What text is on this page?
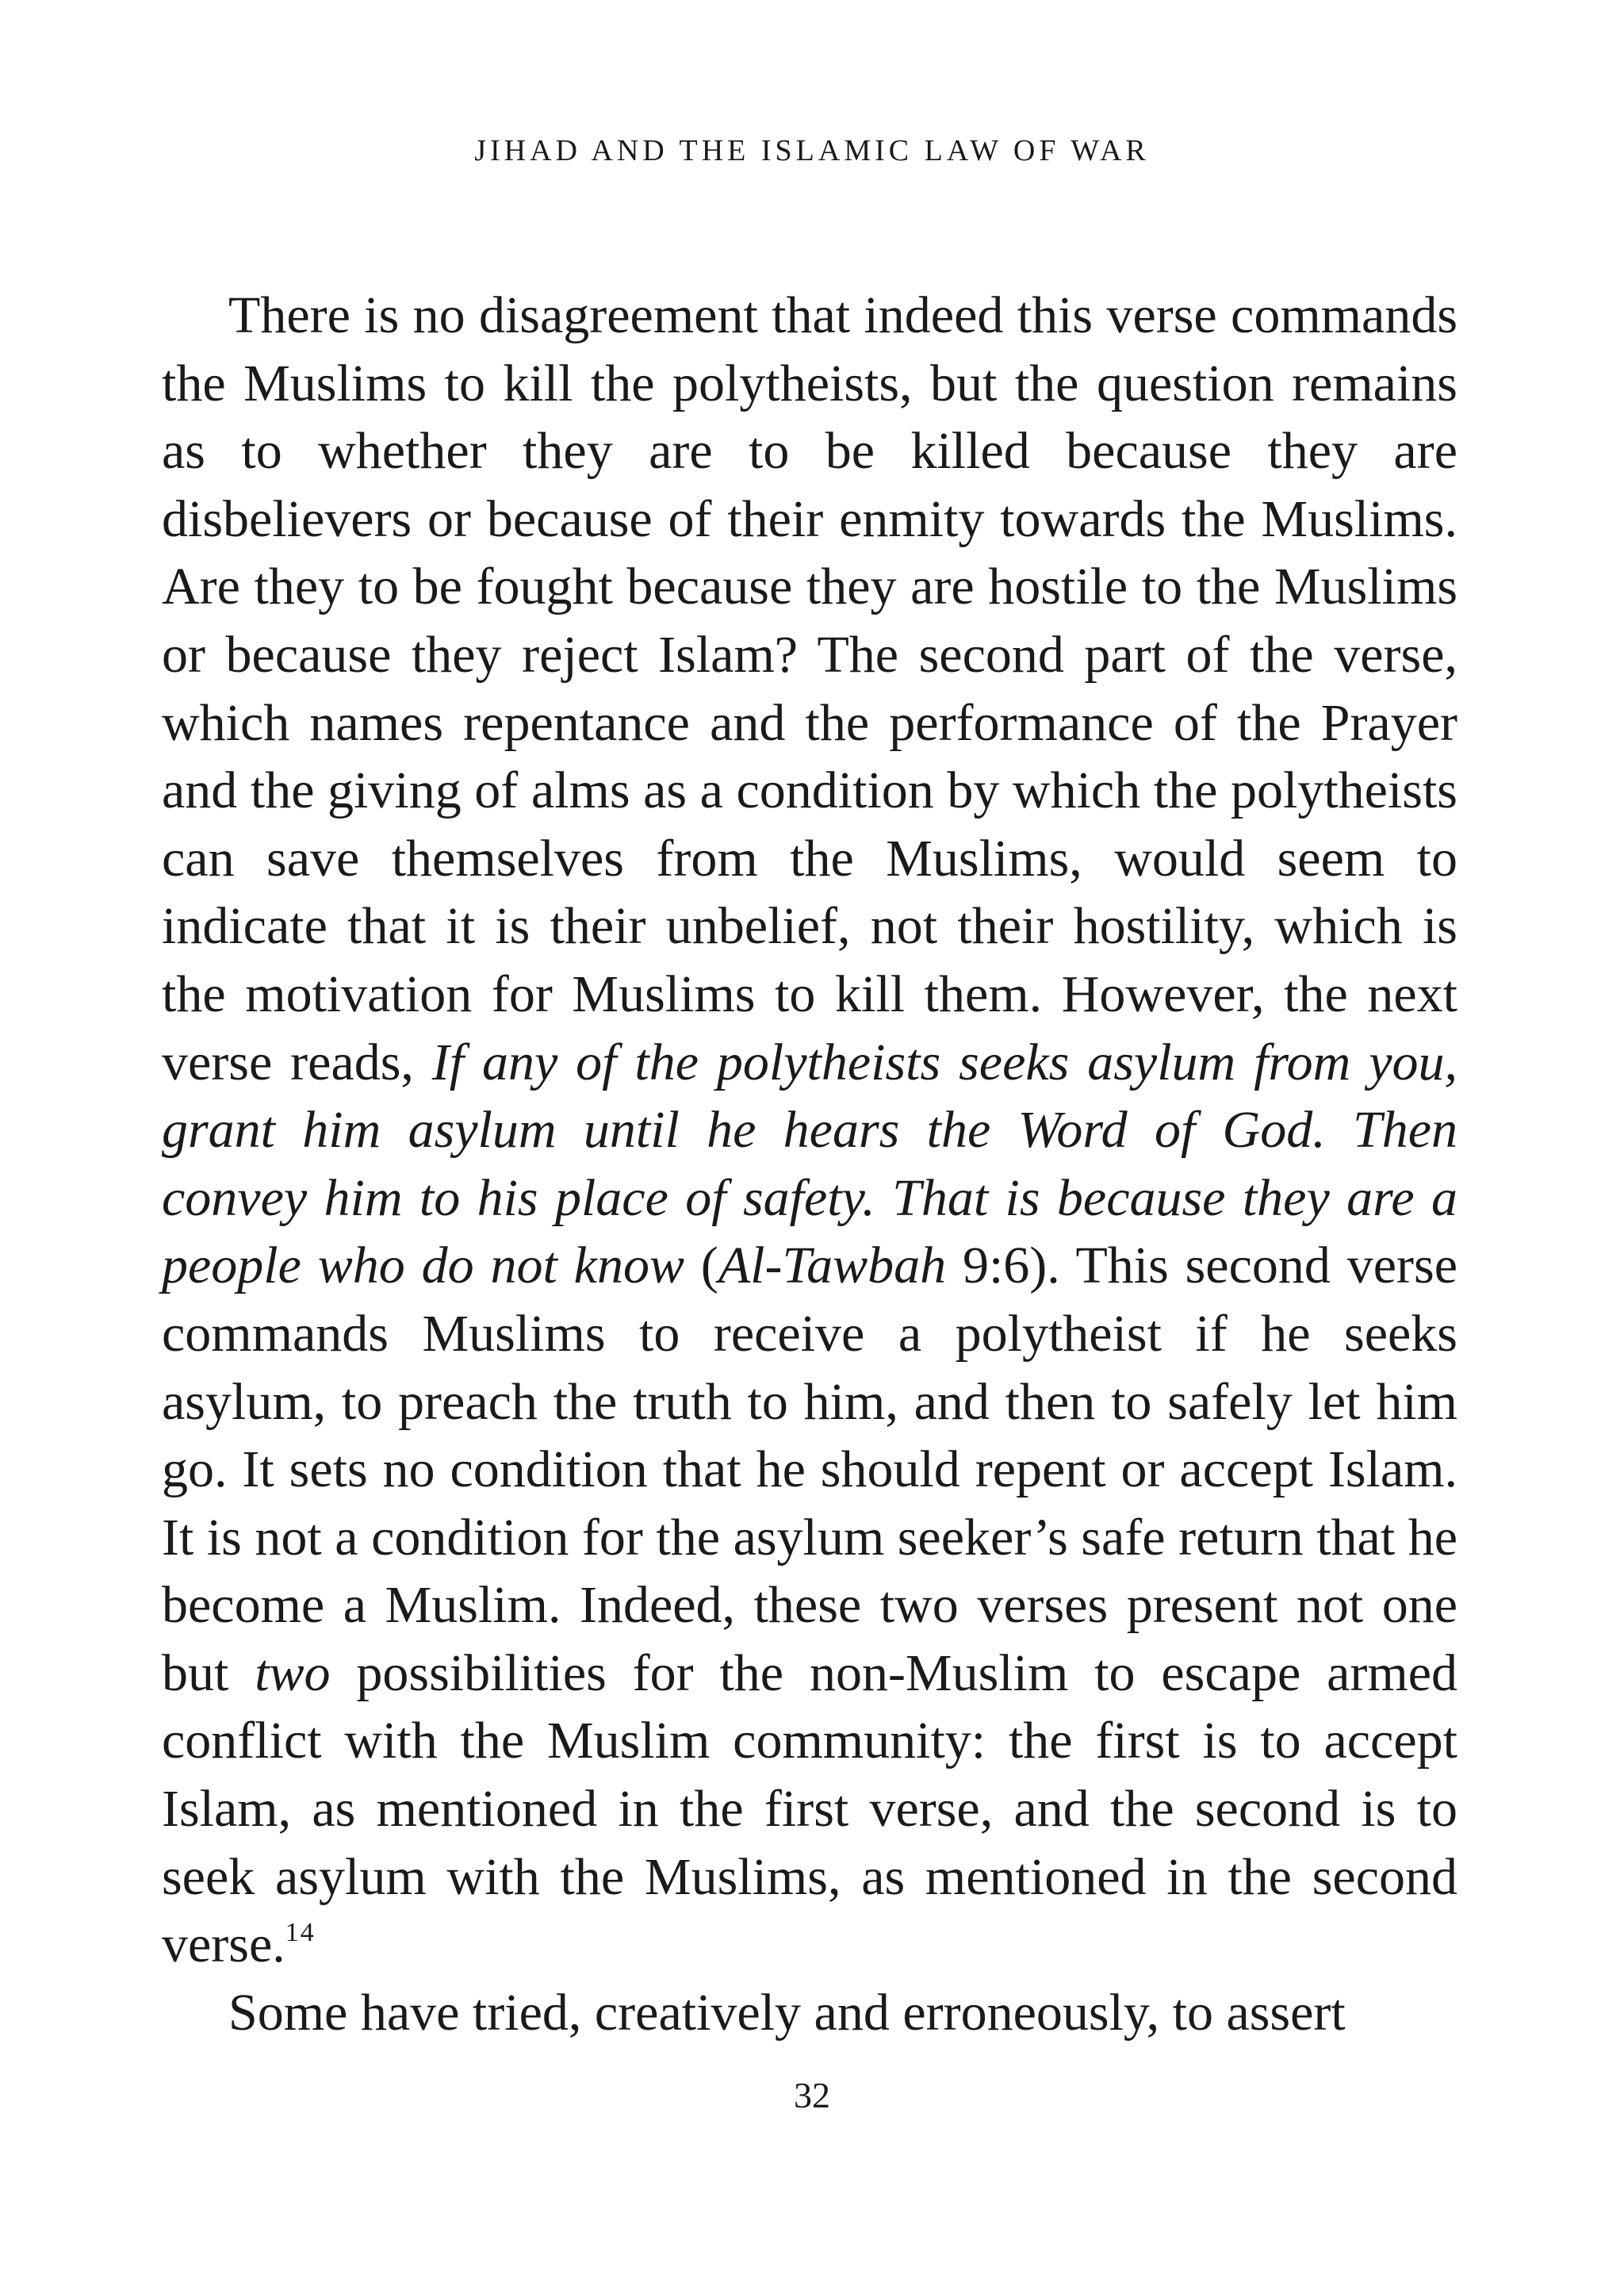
JIHAD AND THE ISLAMIC LAW OF WAR

There is no disagreement that indeed this verse commands the Muslims to kill the polytheists, but the question remains as to whether they are to be killed because they are disbelievers or because of their enmity towards the Muslims. Are they to be fought because they are hostile to the Muslims or because they reject Islam? The second part of the verse, which names repentance and the performance of the Prayer and the giving of alms as a condition by which the polytheists can save themselves from the Muslims, would seem to indicate that it is their unbelief, not their hostility, which is the motivation for Muslims to kill them. However, the next verse reads, If any of the polytheists seeks asylum from you, grant him asylum until he hears the Word of God. Then convey him to his place of safety. That is because they are a people who do not know (Al-Tawbah 9:6). This second verse commands Muslims to receive a polytheist if he seeks asylum, to preach the truth to him, and then to safely let him go. It sets no condition that he should repent or accept Islam. It is not a condition for the asylum seeker’s safe return that he become a Muslim. Indeed, these two verses present not one but two possibilities for the non-Muslim to escape armed conflict with the Muslim community: the first is to accept Islam, as mentioned in the first verse, and the second is to seek asylum with the Muslims, as mentioned in the second verse.$^{14}$

Some have tried, creatively and erroneously, to assert

32
